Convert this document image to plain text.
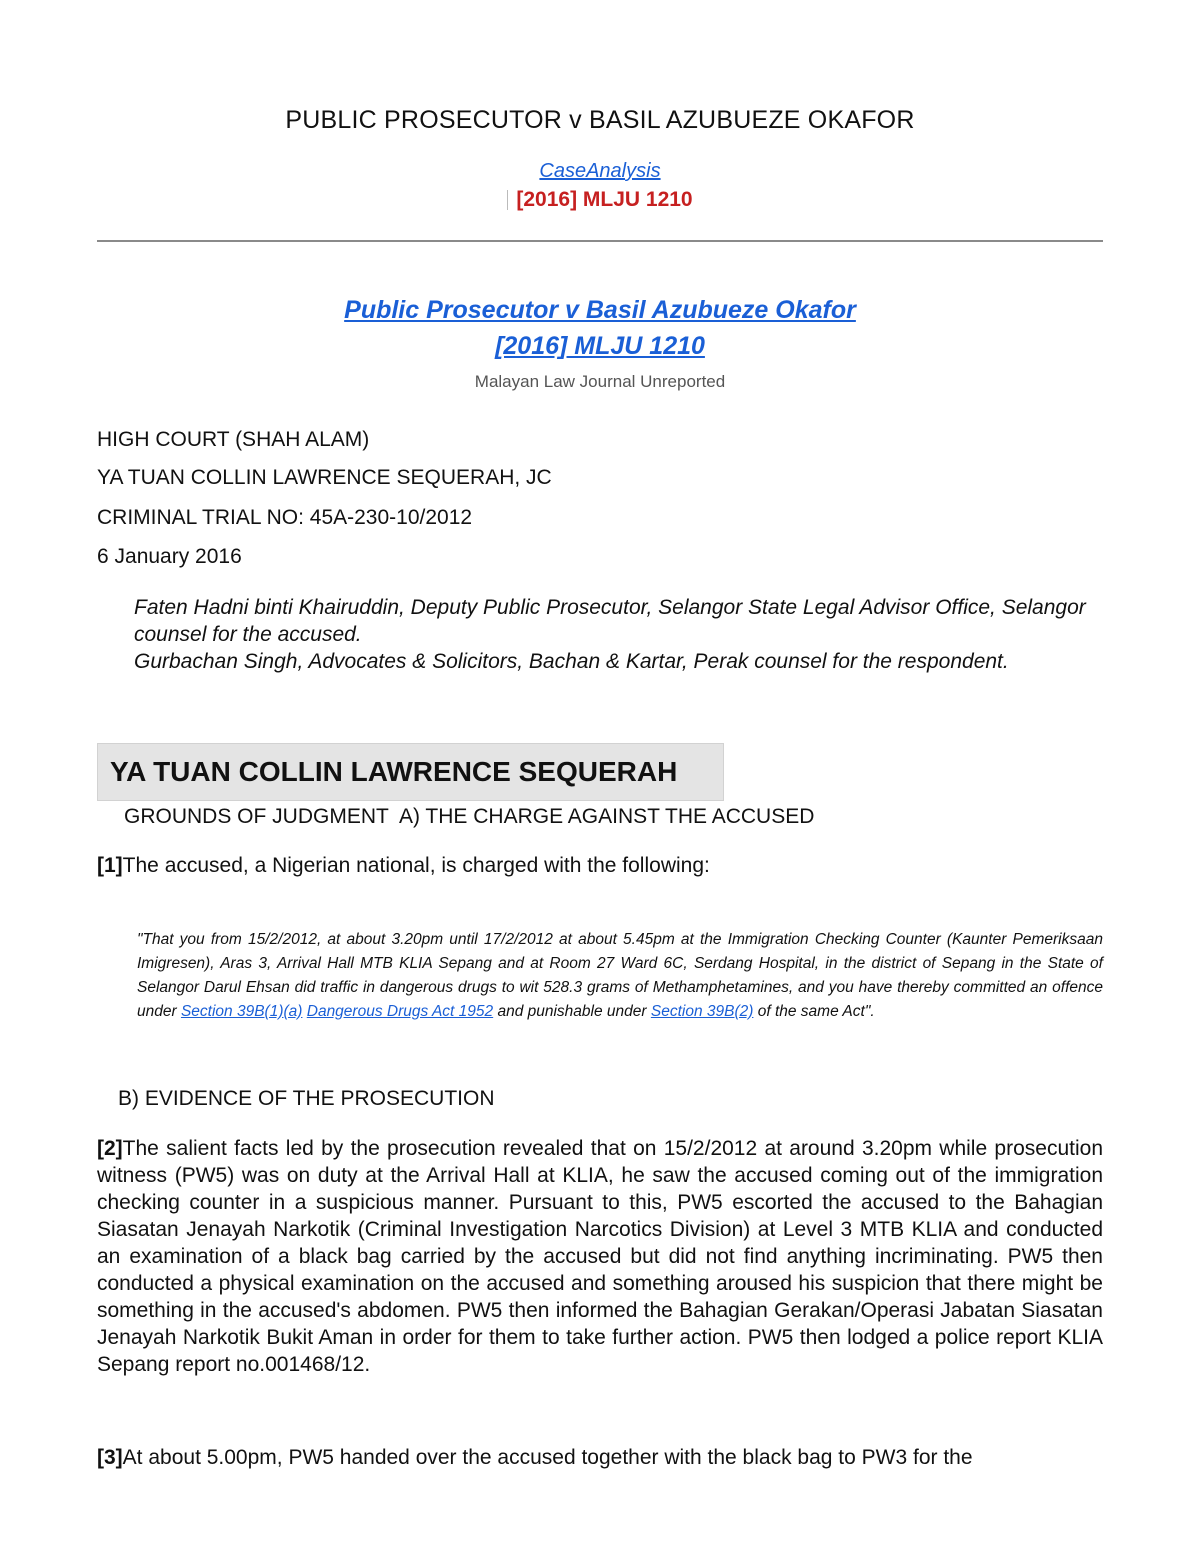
PUBLIC PROSECUTOR v BASIL AZUBUEZE OKAFOR
CaseAnalysis
[2016] MLJU 1210
Public Prosecutor v Basil Azubueze Okafor
[2016] MLJU 1210
Malayan Law Journal Unreported
HIGH COURT (SHAH ALAM)
YA TUAN COLLIN LAWRENCE SEQUERAH, JC
CRIMINAL TRIAL NO: 45A-230-10/2012
6 January 2016
Faten Hadni binti Khairuddin, Deputy Public Prosecutor, Selangor State Legal Advisor Office, Selangor counsel for the accused.
Gurbachan Singh, Advocates & Solicitors, Bachan & Kartar, Perak counsel for the respondent.
YA TUAN COLLIN LAWRENCE SEQUERAH
GROUNDS OF JUDGMENT  A) THE CHARGE AGAINST THE ACCUSED
[1]The accused, a Nigerian national, is charged with the following:
"That you from 15/2/2012, at about 3.20pm until 17/2/2012 at about 5.45pm at the Immigration Checking Counter (Kaunter Pemeriksaan Imigresen), Aras 3, Arrival Hall MTB KLIA Sepang and at Room 27 Ward 6C, Serdang Hospital, in the district of Sepang in the State of Selangor Darul Ehsan did traffic in dangerous drugs to wit 528.3 grams of Methamphetamines, and you have thereby committed an offence under Section 39B(1)(a) Dangerous Drugs Act 1952 and punishable under Section 39B(2) of the same Act".
B) EVIDENCE OF THE PROSECUTION
[2]The salient facts led by the prosecution revealed that on 15/2/2012 at around 3.20pm while prosecution witness (PW5) was on duty at the Arrival Hall at KLIA, he saw the accused coming out of the immigration checking counter in a suspicious manner. Pursuant to this, PW5 escorted the accused to the Bahagian Siasatan Jenayah Narkotik (Criminal Investigation Narcotics Division) at Level 3 MTB KLIA and conducted an examination of a black bag carried by the accused but did not find anything incriminating. PW5 then conducted a physical examination on the accused and something aroused his suspicion that there might be something in the accused's abdomen. PW5 then informed the Bahagian Gerakan/Operasi Jabatan Siasatan Jenayah Narkotik Bukit Aman in order for them to take further action. PW5 then lodged a police report KLIA Sepang report no.001468/12.
[3]At about 5.00pm, PW5 handed over the accused together with the black bag to PW3 for the
